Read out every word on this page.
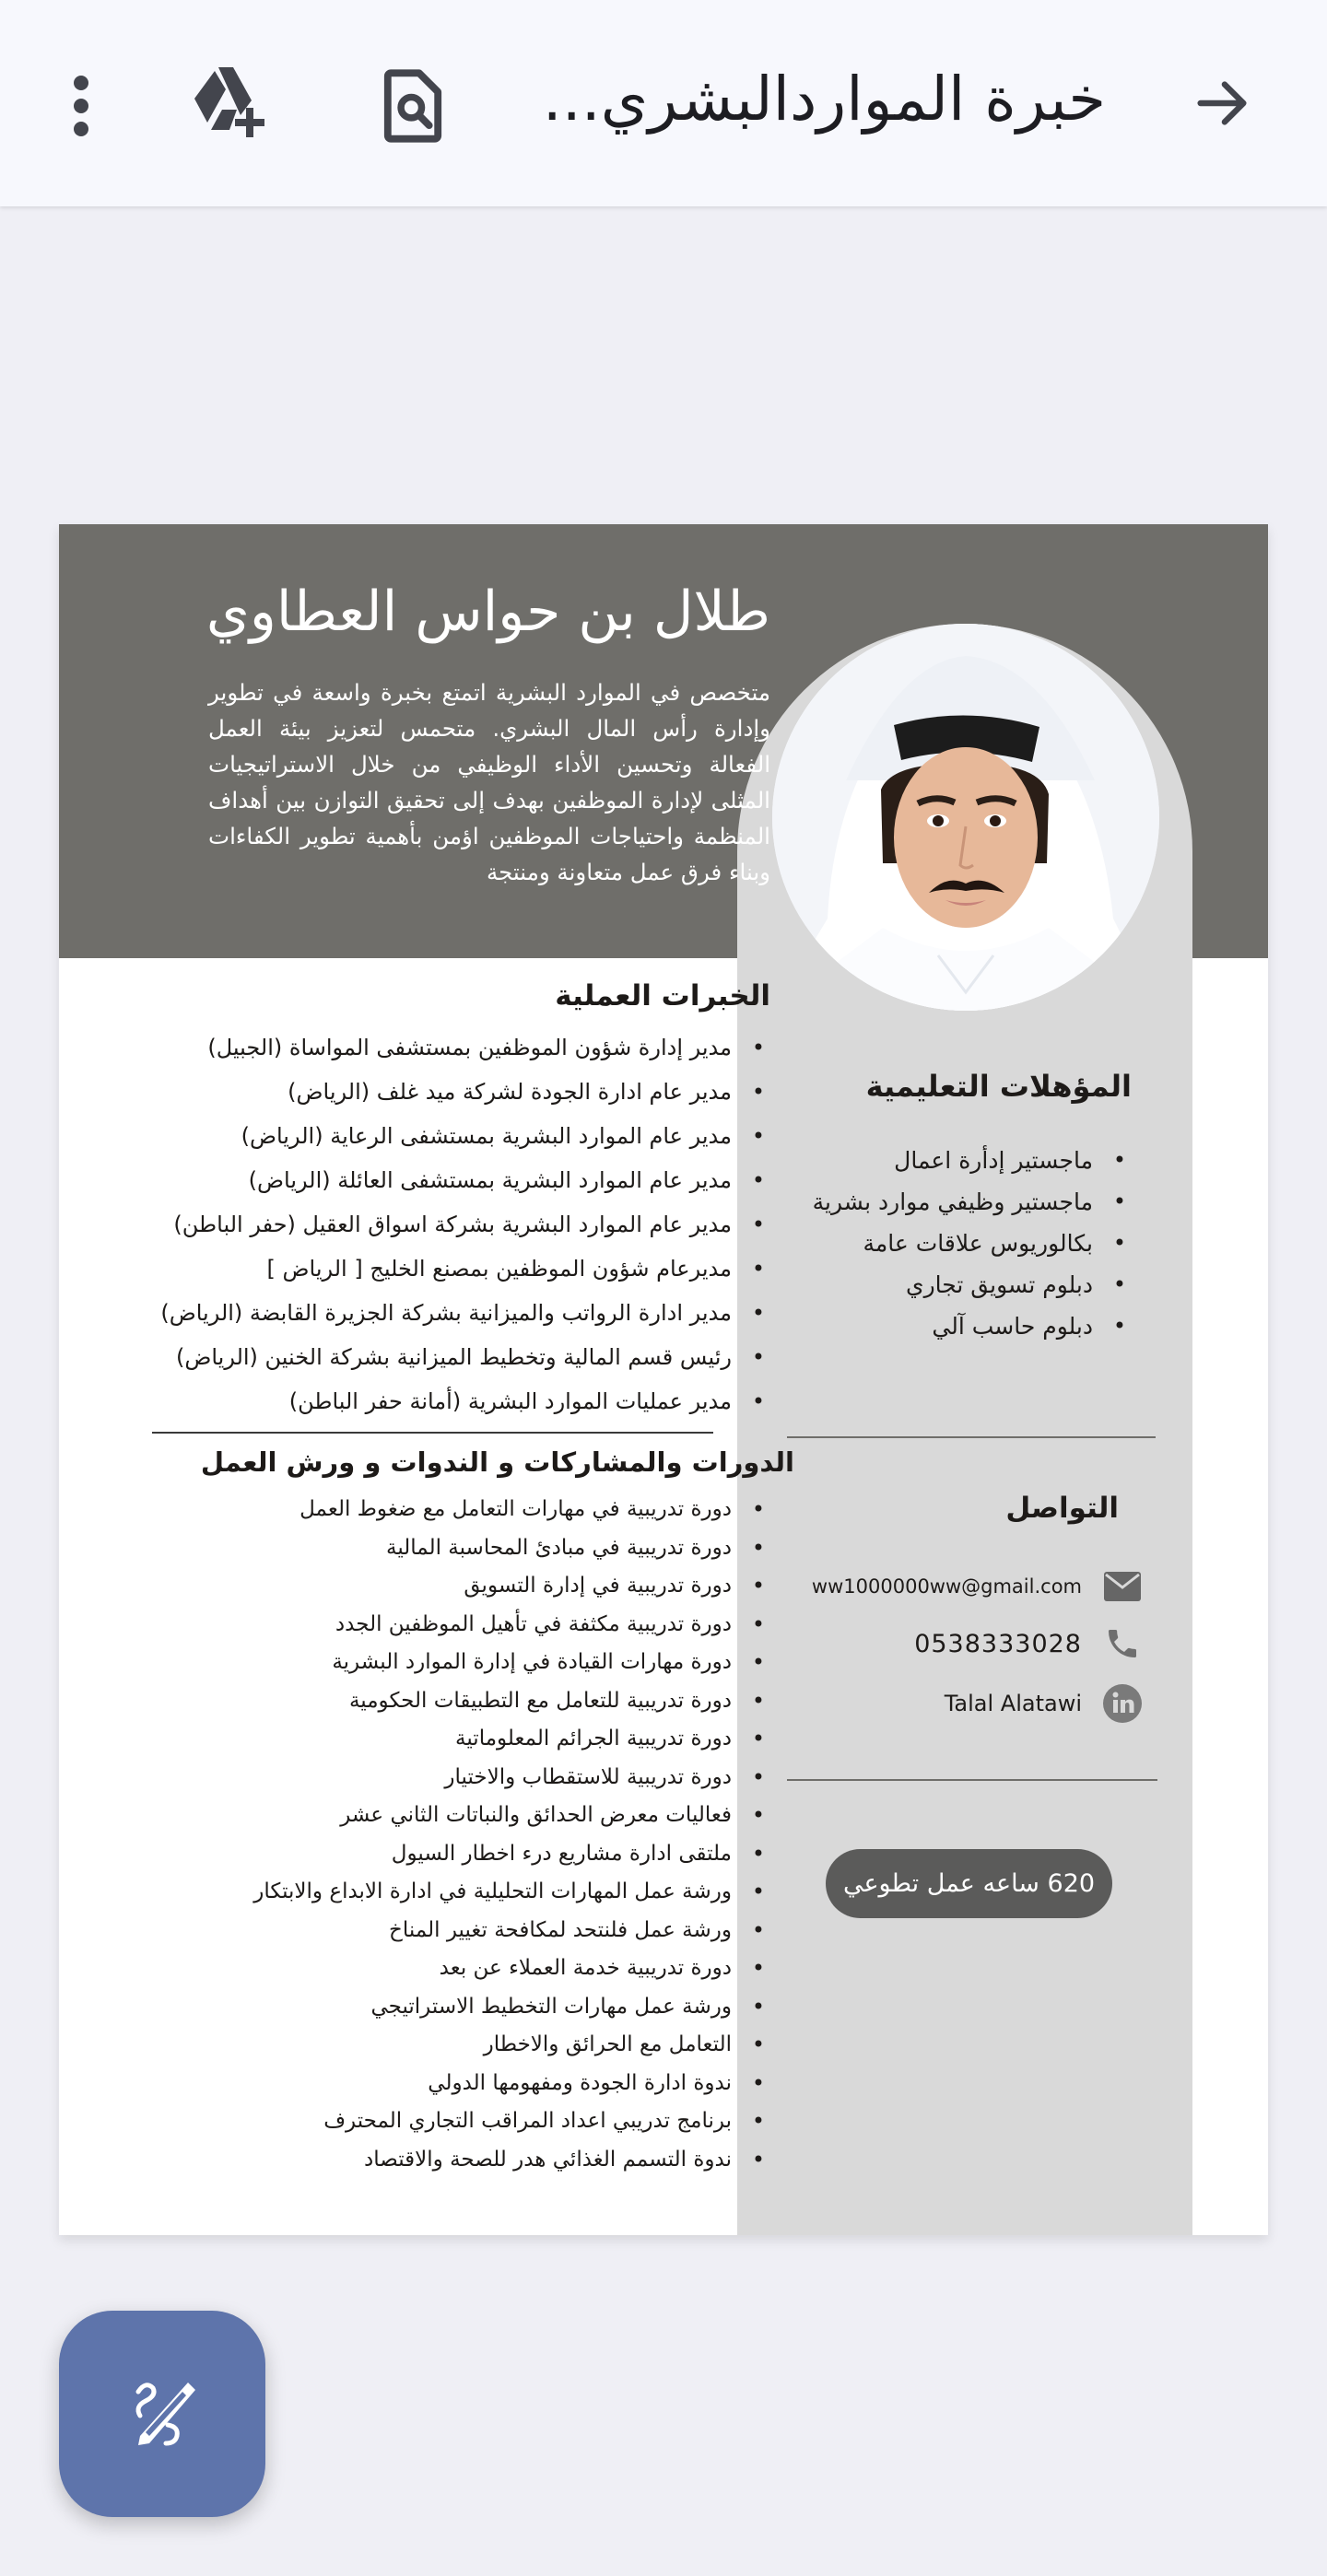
خبرة المواردالبشري...
طلال بن حواس العطاوي

متخصص في الموارد البشرية اتمتع بخبرة واسعة في تطوير وإدارة رأس المال البشري. متحمس لتعزيز بيئة العمل الفعالة وتحسين الأداء الوظيفي من خلال الاستراتيجيات المثلى لإدارة الموظفين بهدف إلى تحقيق التوازن بين أهداف المنظمة واحتياجات الموظفين اؤمن بأهمية تطوير الكفاءات وبناء فرق عمل متعاونة ومنتجة

الخبرات العملية
• مدير إدارة شؤون الموظفين بمستشفى المواساة (الجبيل)
• مدير عام ادارة الجودة لشركة ميد غلف (الرياض)
• مدير عام الموارد البشرية بمستشفى الرعاية (الرياض)
• مدير عام الموارد البشرية بمستشفى العائلة (الرياض)
• مدير عام الموارد البشرية بشركة اسواق العقيل (حفر الباطن)
• مديرعام شؤون الموظفين بمصنع الخليج [ الرياض ]
• مدير ادارة الرواتب والميزانية بشركة الجزيرة القابضة (الرياض)
• رئيس قسم المالية وتخطيط الميزانية بشركة الخنين (الرياض)
• مدير عمليات الموارد البشرية (أمانة حفر الباطن)
الدورات والمشاركات و الندوات و ورش العمل
• دورة تدريبية في مهارات التعامل مع ضغوط العمل
• دورة تدريبية في مبادئ المحاسبة المالية
• دورة تدريبية في إدارة التسويق
• دورة تدريبية مكثفة في تأهيل الموظفين الجدد
• دورة مهارات القيادة في إدارة الموارد البشرية
• دورة تدريبية للتعامل مع التطبيقات الحكومية
• دورة تدريبية الجرائم المعلوماتية
• دورة تدريبية للاستقطاب والاختيار
• فعاليات معرض الحدائق والنباتات الثاني عشر
• ملتقى ادارة مشاريع درء اخطار السيول
• ورشة عمل المهارات التحليلية في ادارة الابداع والابتكار
• ورشة عمل فلنتحد لمكافحة تغيير المناخ
• دورة تدريبية خدمة العملاء عن بعد
• ورشة عمل مهارات التخطيط الاستراتيجي
• التعامل مع الحرائق والاخطار
• ندوة ادارة الجودة ومفهومها الدولي
• برنامج تدريبي اعداد المراقب التجاري المحترف
• ندوة التسمم الغذائي هدر للصحة والاقتصاد
المؤهلات التعليمية
• ماجستير إدأرة اعمال
• ماجستير وظيفي موارد بشرية
• بكالوريوس علاقات عامة
• دبلوم تسويق تجاري
• دبلوم حاسب آلي
التواصل
ww1000000ww@gmail.com
0538333028
Talal Alatawi
620 ساعه عمل تطوعي
